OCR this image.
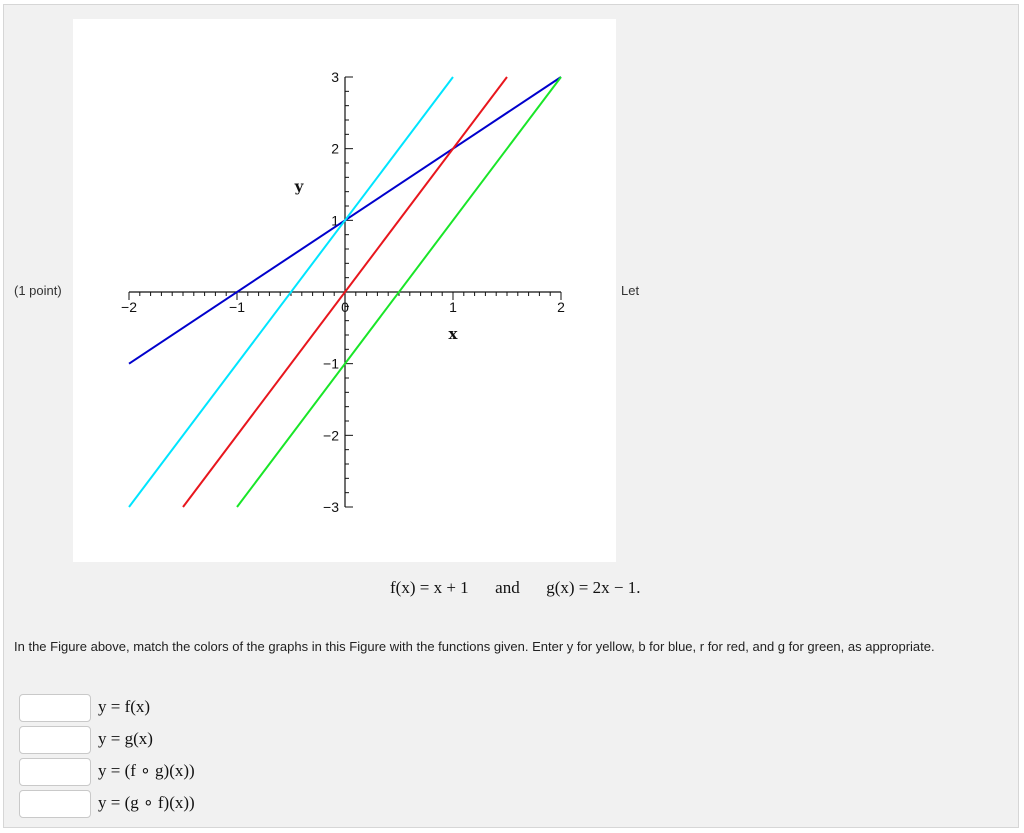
(1 point)	Let
−2	−1	0	1	2
−3
−2
−1
1
2
3
x
y
f(x) = x + 1 and g(x) = 2x − 1.
In the Figure above, match the colors of the graphs in this Figure with the functions given. Enter y for yellow, b for blue, r for red, and g for green, as appropriate.
y = f(x)
y = g(x)
y = (f ∘ g)(x))
y = (g ∘ f)(x))
